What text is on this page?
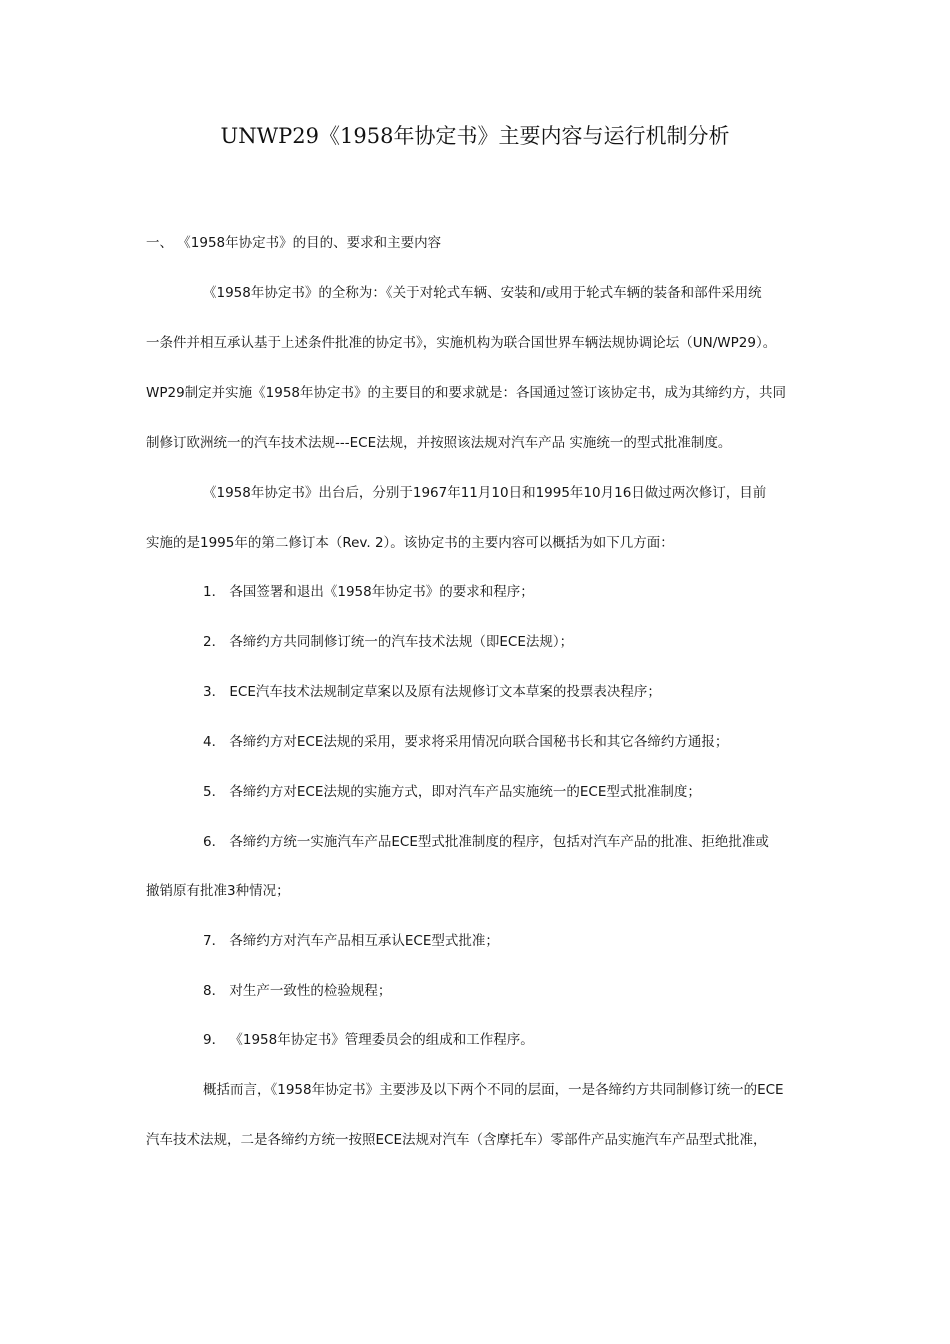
UNWP29《1958年协定书》主要内容与运行机制分析
一、 《1958年协定书》的目的、要求和主要内容
《1958年协定书》的全称为：《关于对轮式车辆、安装和/或用于轮式车辆的装备和部件采用统
一条件并相互承认基于上述条件批准的协定书》，实施机构为联合国世界车辆法规协调论坛（UN/WP29）。
WP29制定并实施《1958年协定书》的主要目的和要求就是：各国通过签订该协定书，成为其缔约方，共同
制修订欧洲统一的汽车技术法规---ECE法规，并按照该法规对汽车产品 实施统一的型式批准制度。
《1958年协定书》出台后，分别于1967年11月10日和1995年10月16日做过两次修订，目前
实施的是1995年的第二修订本（Rev. 2）。该协定书的主要内容可以概括为如下几方面：
1． 各国签署和退出《1958年协定书》的要求和程序；
2． 各缔约方共同制修订统一的汽车技术法规（即ECE法规）；
3． ECE汽车技术法规制定草案以及原有法规修订文本草案的投票表决程序；
4． 各缔约方对ECE法规的采用，要求将采用情况向联合国秘书长和其它各缔约方通报；
5． 各缔约方对ECE法规的实施方式，即对汽车产品实施统一的ECE型式批准制度；
6． 各缔约方统一实施汽车产品ECE型式批准制度的程序，包括对汽车产品的批准、拒绝批准或
撤销原有批准3种情况；
7． 各缔约方对汽车产品相互承认ECE型式批准；
8． 对生产一致性的检验规程；
9． 《1958年协定书》管理委员会的组成和工作程序。
概括而言，《1958年协定书》主要涉及以下两个不同的层面，一是各缔约方共同制修订统一的ECE
汽车技术法规，二是各缔约方统一按照ECE法规对汽车（含摩托车）零部件产品实施汽车产品型式批准，
